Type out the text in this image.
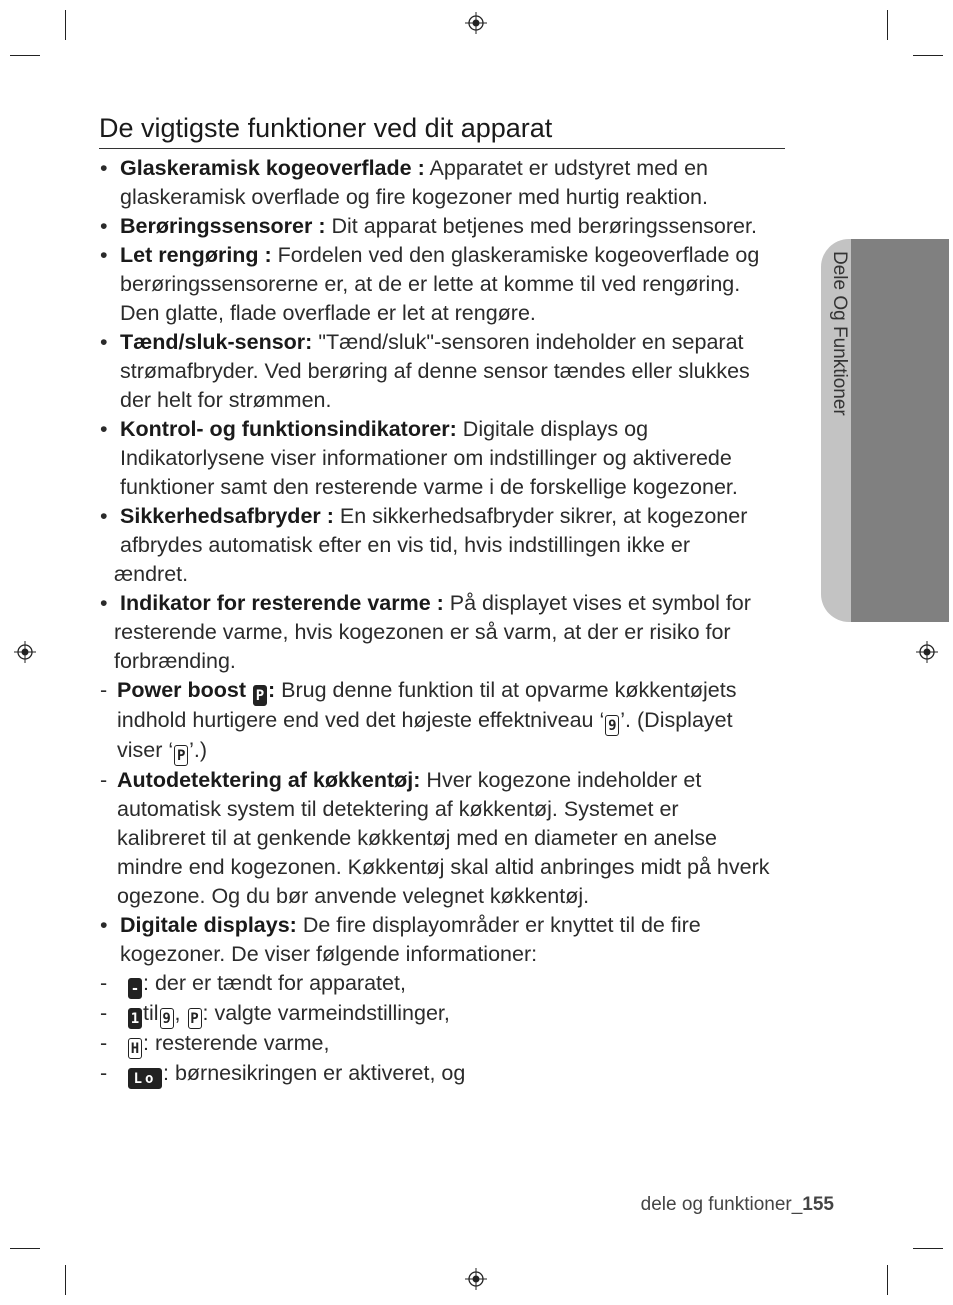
De vigtigste funktioner ved dit apparat
• Glaskeramisk kogeoverflade : Apparatet er udstyret med en
glaskeramisk overflade og fire kogezoner med hurtig reaktion.
• Berøringssensorer : Dit apparat betjenes med berøringssensorer.
• Let rengøring : Fordelen ved den glaskeramiske kogeoverflade og
berøringssensorerne er, at de er lette at komme til ved rengøring.
Den glatte, flade overflade er let at rengøre.
• Tænd/sluk-sensor: "Tænd/sluk"-sensoren indeholder en separat
strømafbryder. Ved berøring af denne sensor tændes eller slukkes
der helt for strømmen.
• Kontrol- og funktionsindikatorer: Digitale displays og
Indikatorlysene viser informationer om indstillinger og aktiverede
funktioner samt den resterende varme i de forskellige kogezoner.
• Sikkerhedsafbryder : En sikkerhedsafbryder sikrer, at kogezoner
afbrydes automatisk efter en vis tid, hvis indstillingen ikke er
ændret.
• Indikator for resterende varme : På displayet vises et symbol for
resterende varme, hvis kogezonen er så varm, at der er risiko for
forbrænding.
- Power boost P : Brug denne funktion til at opvarme køkkentøjets
indhold hurtigere end ved det højeste effektniveau ‘ 9 ’. (Displayet
viser ‘ P ’.)
- Autodetektering af køkkentøj: Hver kogezone indeholder et
automatisk system til detektering af køkkentøj. Systemet er
kalibreret til at genkende køkkentøj med en diameter en anelse
mindre end kogezonen. Køkkentøj skal altid anbringes midt på hverk
ogezone. Og du bør anvende velegnet køkkentøj.
• Digitale displays: De fire displayområder er knyttet til de fire
kogezoner. De viser følgende informationer:
- - : der er tændt for apparatet,
- 1 til 9 , P : valgte varmeindstillinger,
- H : resterende varme,
-	Lo : børnesikringen er aktiveret, og
Dele Og Funktioner
dele og funktioner_155
